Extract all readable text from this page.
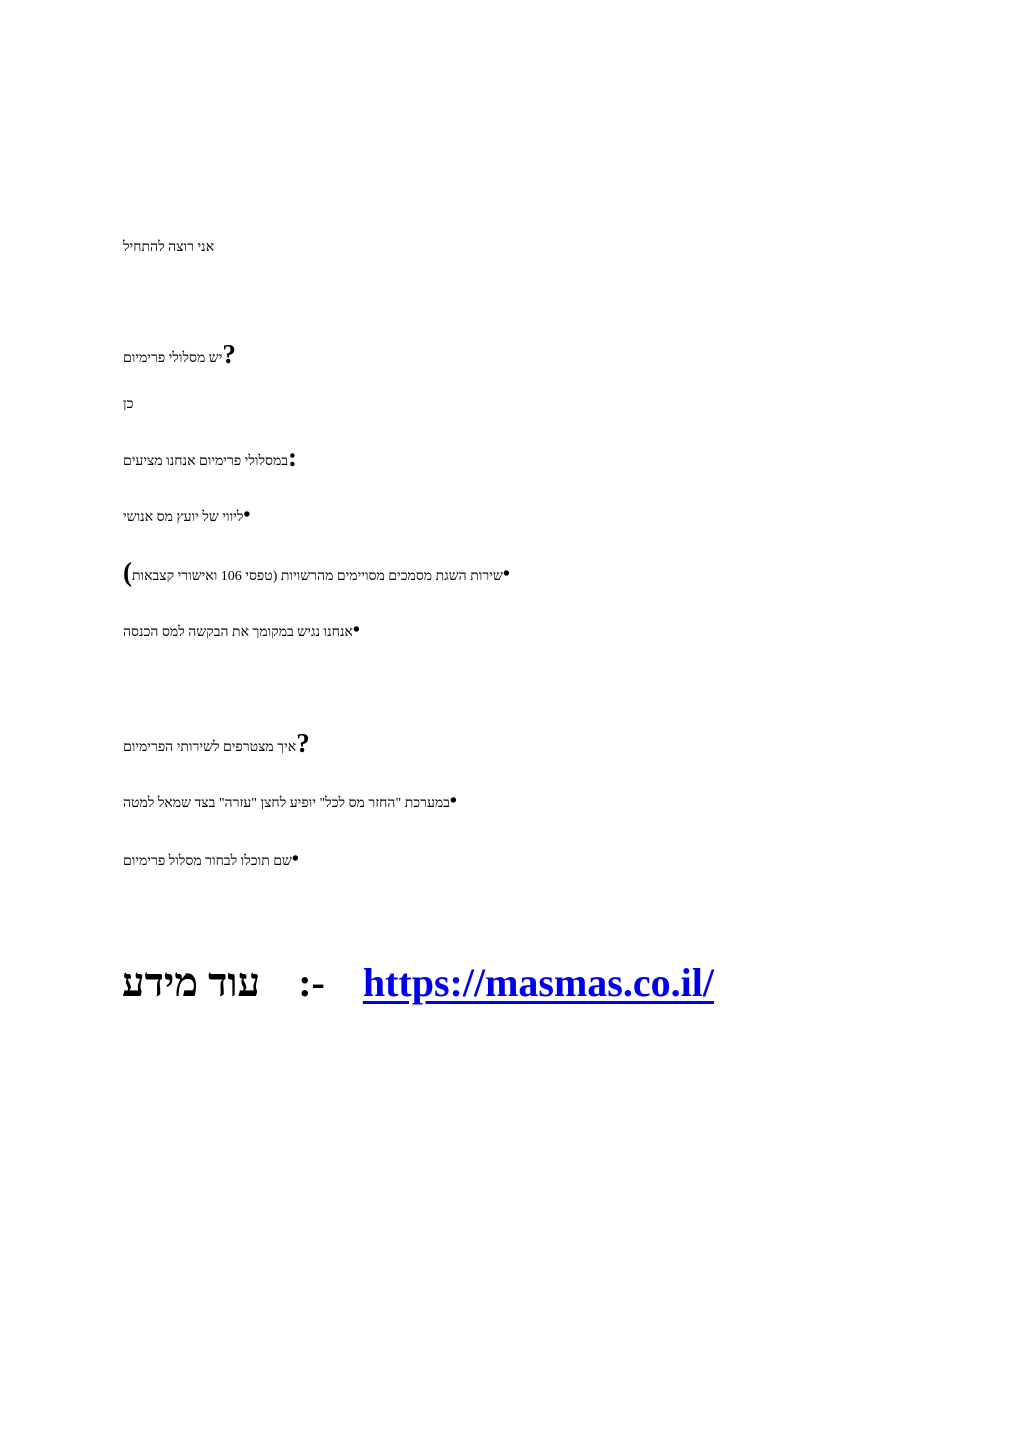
אני רוצה להתחיל
יש מסלולי פרימיום?
כן
במסלולי פרימיום אנחנו מציעים:
ליווי של יועץ מס אנושי•
שירות השגת מסמכים מסויימים מהרשויות (טפסי 106 ואישורי קצבאות)	•
אנחנו נגיש במקומך את הבקשה למס הכנסה•
איך מצטרפים לשירותי הפרימיום?
במערכת "החזר מס לכל" יופיע לחצן "עזרה" בצד שמאל למטה•
שם תוכלו לבחור מסלול פרימיום•
עוד מידע :- https://masmas.co.il/
